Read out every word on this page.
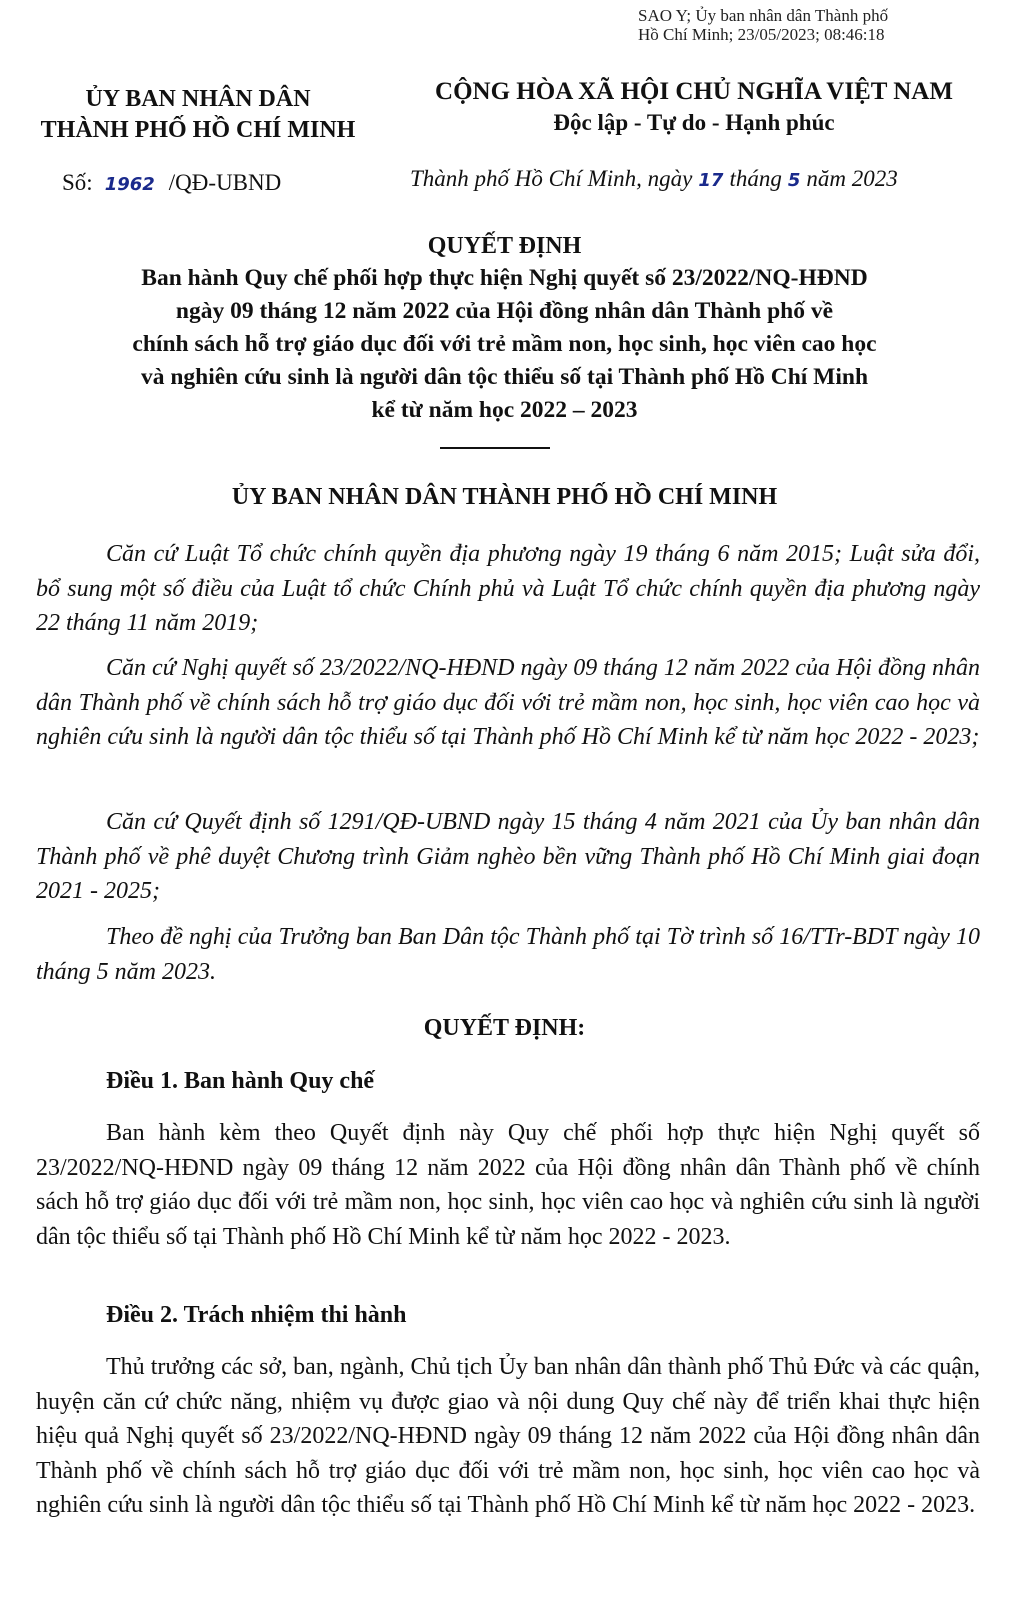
SAO Y; Ủy ban nhân dân Thành phố
Hồ Chí Minh; 23/05/2023; 08:46:18
ỦY BAN NHÂN DÂN
THÀNH PHỐ HỒ CHÍ MINH
CỘNG HÒA XÃ HỘI CHỦ NGHĨA VIỆT NAM
Độc lập - Tự do - Hạnh phúc
Số: 1962 /QĐ-UBND	Thành phố Hồ Chí Minh, ngày 17 tháng 5 năm 2023
QUYẾT ĐỊNH
Ban hành Quy chế phối hợp thực hiện Nghị quyết số 23/2022/NQ-HĐND
ngày 09 tháng 12 năm 2022 của Hội đồng nhân dân Thành phố về
chính sách hỗ trợ giáo dục đối với trẻ mầm non, học sinh, học viên cao học
và nghiên cứu sinh là người dân tộc thiểu số tại Thành phố Hồ Chí Minh
kể từ năm học 2022 – 2023
ỦY BAN NHÂN DÂN THÀNH PHỐ HỒ CHÍ MINH

Căn cứ Luật Tổ chức chính quyền địa phương ngày 19 tháng 6 năm 2015; Luật sửa đổi, bổ sung một số điều của Luật tổ chức Chính phủ và Luật Tổ chức chính quyền địa phương ngày 22 tháng 11 năm 2019;

Căn cứ Nghị quyết số 23/2022/NQ-HĐND ngày 09 tháng 12 năm 2022 của Hội đồng nhân dân Thành phố về chính sách hỗ trợ giáo dục đối với trẻ mầm non, học sinh, học viên cao học và nghiên cứu sinh là người dân tộc thiểu số tại Thành phố Hồ Chí Minh kể từ năm học 2022 - 2023;

Căn cứ Quyết định số 1291/QĐ-UBND ngày 15 tháng 4 năm 2021 của Ủy ban nhân dân Thành phố về phê duyệt Chương trình Giảm nghèo bền vững Thành phố Hồ Chí Minh giai đoạn 2021 - 2025;

Theo đề nghị của Trưởng ban Ban Dân tộc Thành phố tại Tờ trình số 16/TTr-BDT ngày 10 tháng 5 năm 2023.

QUYẾT ĐỊNH:
Điều 1. Ban hành Quy chế

Ban hành kèm theo Quyết định này Quy chế phối hợp thực hiện Nghị quyết số 23/2022/NQ-HĐND ngày 09 tháng 12 năm 2022 của Hội đồng nhân dân Thành phố về chính sách hỗ trợ giáo dục đối với trẻ mầm non, học sinh, học viên cao học và nghiên cứu sinh là người dân tộc thiểu số tại Thành phố Hồ Chí Minh kể từ năm học 2022 - 2023.

Điều 2. Trách nhiệm thi hành

Thủ trưởng các sở, ban, ngành, Chủ tịch Ủy ban nhân dân thành phố Thủ Đức và các quận, huyện căn cứ chức năng, nhiệm vụ được giao và nội dung Quy chế này để triển khai thực hiện hiệu quả Nghị quyết số 23/2022/NQ-HĐND ngày 09 tháng 12 năm 2022 của Hội đồng nhân dân Thành phố về chính sách hỗ trợ giáo dục đối với trẻ mầm non, học sinh, học viên cao học và nghiên cứu sinh là người dân tộc thiểu số tại Thành phố Hồ Chí Minh kể từ năm học 2022 - 2023.
